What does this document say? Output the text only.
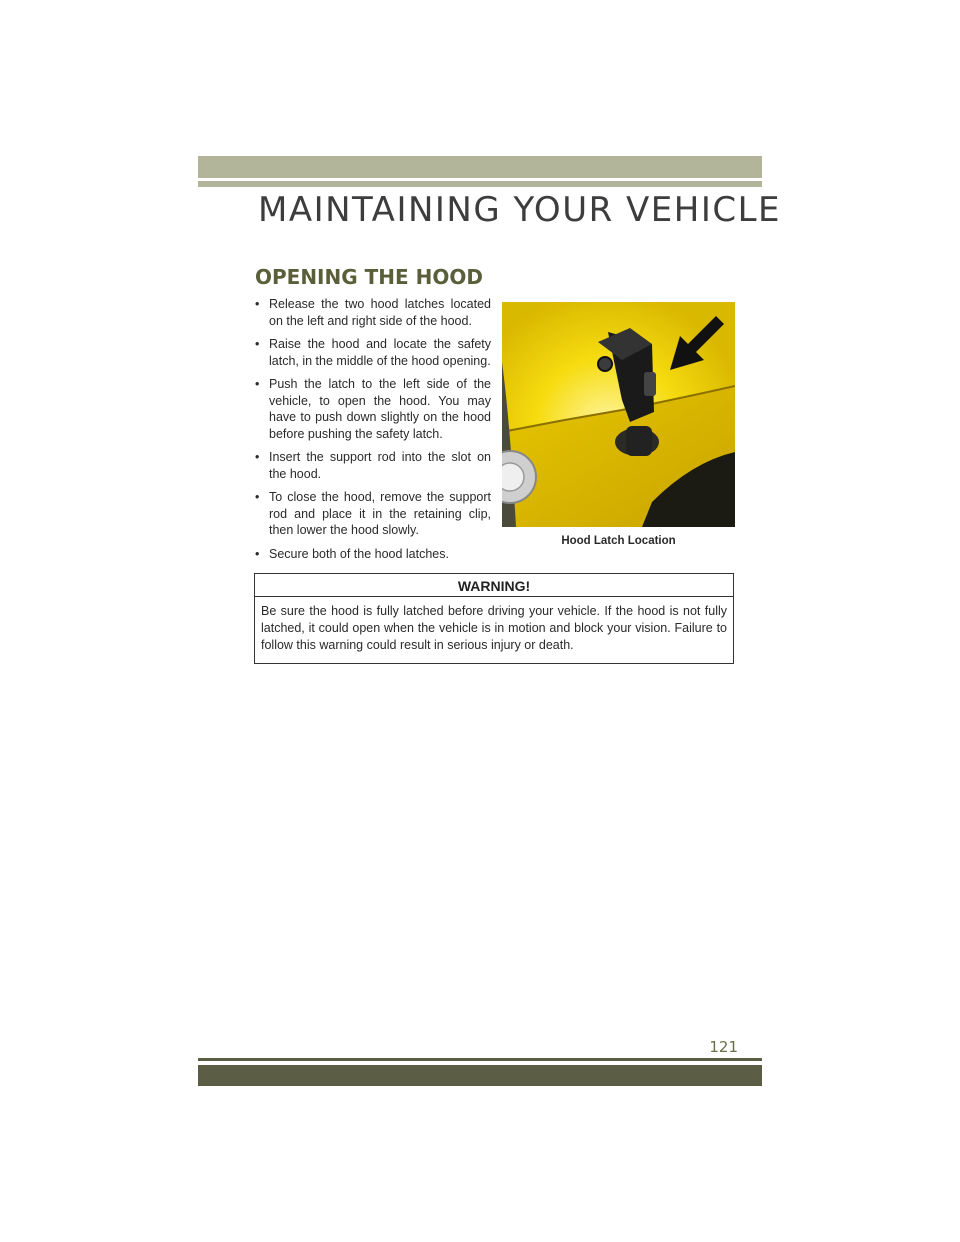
MAINTAINING YOUR VEHICLE
OPENING THE HOOD
• Release the two hood latches located on the left and right side of the hood.
• Raise the hood and locate the safety latch, in the middle of the hood opening.
• Push the latch to the left side of the vehicle, to open the hood. You may have to push down slightly on the hood before pushing the safety latch.
• Insert the support rod into the slot on the hood.
• To close the hood, remove the support rod and place it in the retaining clip, then lower the hood slowly.
• Secure both of the hood latches.
Hood Latch Location
WARNING!
Be sure the hood is fully latched before driving your vehicle. If the hood is not fully latched, it could open when the vehicle is in motion and block your vision. Failure to follow this warning could result in serious injury or death.
121
